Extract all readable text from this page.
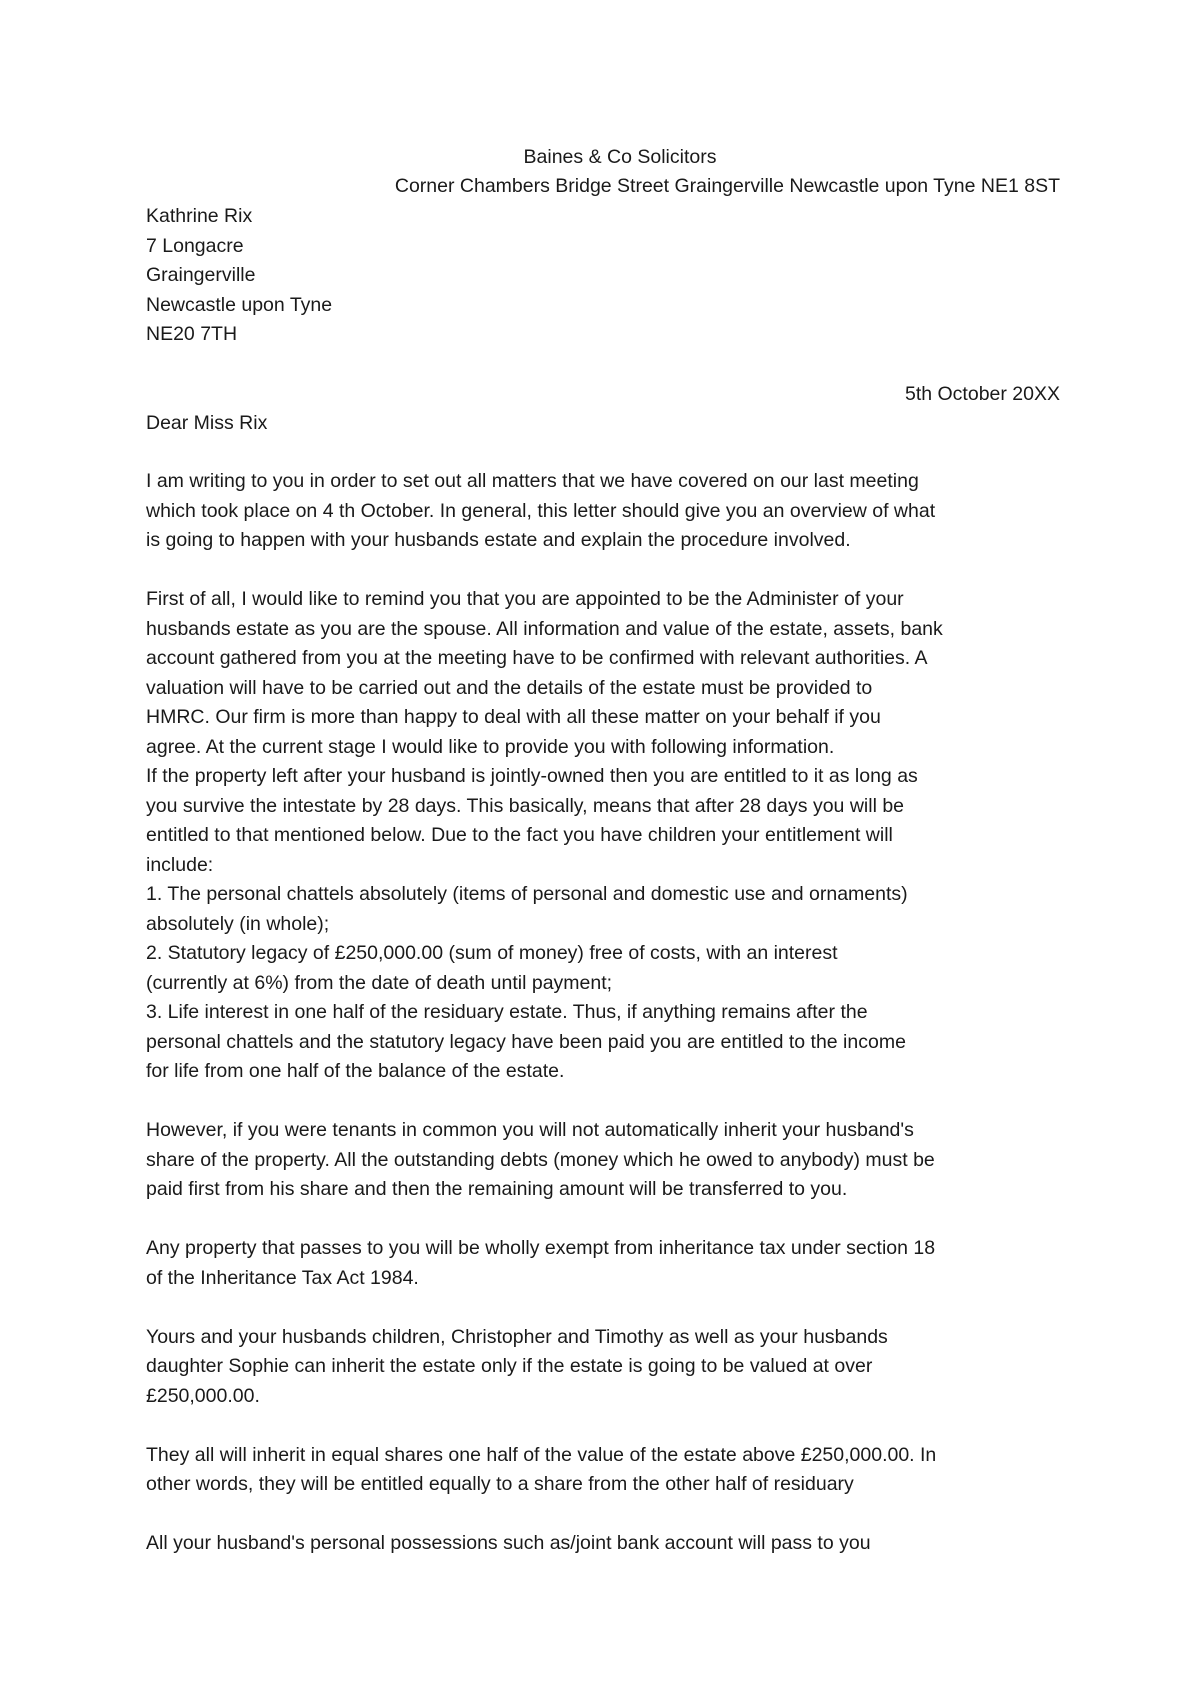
Baines & Co Solicitors
Corner Chambers Bridge Street Graingerville Newcastle upon Tyne NE1 8ST
Kathrine Rix
7 Longacre
Graingerville
Newcastle upon Tyne
NE20 7TH
5th October 20XX
Dear Miss Rix
I am writing to you in order to set out all matters that we have covered on our last meeting
which took place on 4 th October. In general, this letter should give you an overview of what
is going to happen with your husbands estate and explain the procedure involved.
First of all, I would like to remind you that you are appointed to be the Administer of your
husbands estate as you are the spouse. All information and value of the estate, assets, bank
account gathered from you at the meeting have to be confirmed with relevant authorities. A
valuation will have to be carried out and the details of the estate must be provided to
HMRC. Our firm is more than happy to deal with all these matter on your behalf if you
agree. At the current stage I would like to provide you with following information.
If the property left after your husband is jointly-owned then you are entitled to it as long as
you survive the intestate by 28 days. This basically, means that after 28 days you will be
entitled to that mentioned below. Due to the fact you have children your entitlement will
include:
1. The personal chattels absolutely (items of personal and domestic use and ornaments)
absolutely (in whole);
2. Statutory legacy of £250,000.00 (sum of money) free of costs, with an interest
(currently at 6%) from the date of death until payment;
3. Life interest in one half of the residuary estate. Thus, if anything remains after the
personal chattels and the statutory legacy have been paid you are entitled to the income
for life from one half of the balance of the estate.
However, if you were tenants in common you will not automatically inherit your husband's
share of the property. All the outstanding debts (money which he owed to anybody) must be
paid first from his share and then the remaining amount will be transferred to you.
Any property that passes to you will be wholly exempt from inheritance tax under section 18
of the Inheritance Tax Act 1984.
Yours and your husbands children, Christopher and Timothy as well as your husbands
daughter Sophie can inherit the estate only if the estate is going to be valued at over
£250,000.00.
They all will inherit in equal shares one half of the value of the estate above £250,000.00. In
other words, they will be entitled equally to a share from the other half of residuary
All your husband's personal possessions such as/joint bank account will pass to you
